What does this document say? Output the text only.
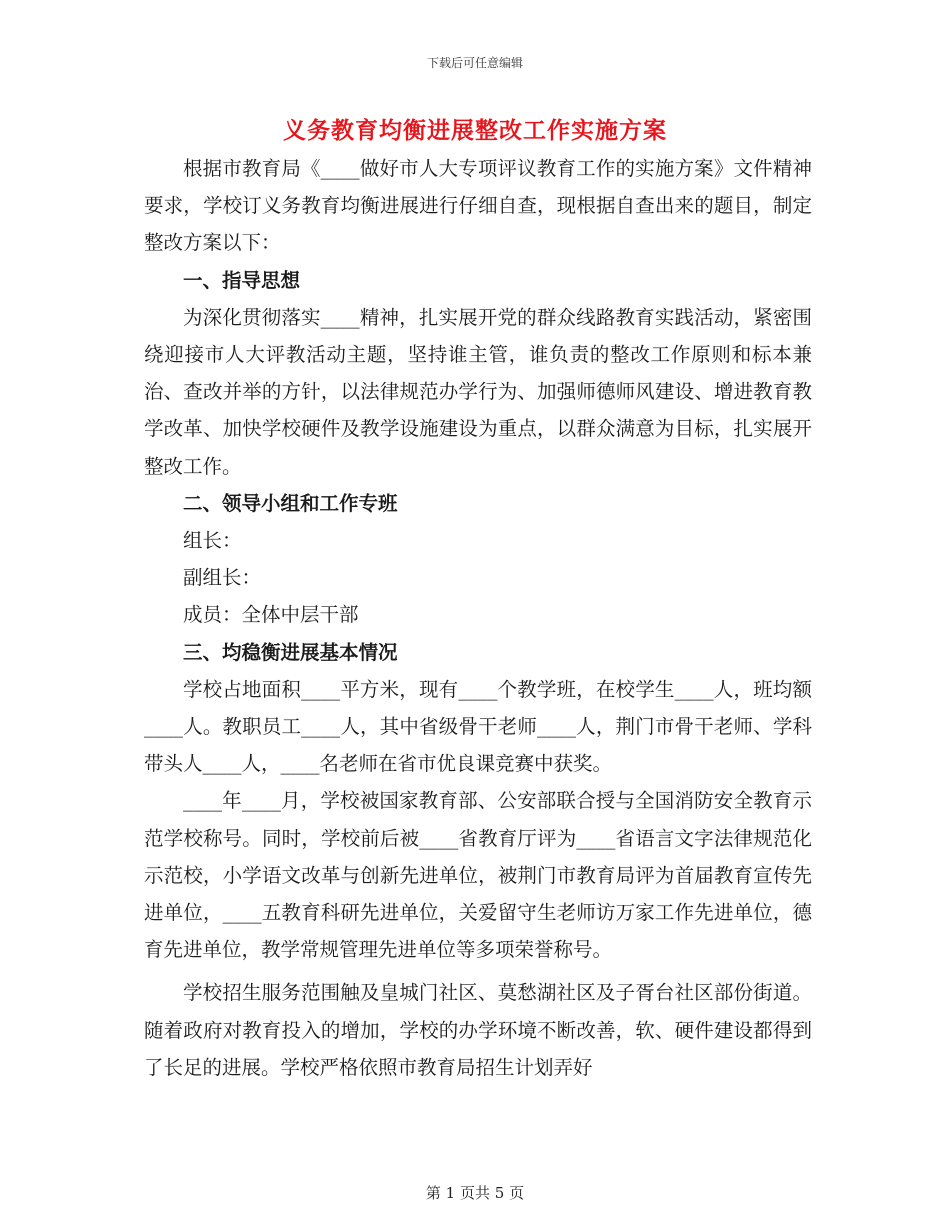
下载后可任意编辑
义务教育均衡进展整改工作实施方案

根据市教育局《____做好市人大专项评议教育工作的实施方案》文件精神要求，学校订义务教育均衡进展进行仔细自查，现根据自查出来的题目，制定整改方案以下：

一、指导思想

为深化贯彻落实____精神，扎实展开党的群众线路教育实践活动，紧密围绕迎接市人大评教活动主题，坚持谁主管，谁负责的整改工作原则和标本兼治、查改并举的方针，以法律规范办学行为、加强师德师风建设、增进教育教学改革、加快学校硬件及教学设施建设为重点，以群众满意为目标，扎实展开整改工作。

二、领导小组和工作专班

组长：

副组长：

成员：全体中层干部

三、均稳衡进展基本情况

学校占地面积____平方米，现有____个教学班，在校学生____人，班均额____人。教职员工____人，其中省级骨干老师____人，荆门市骨干老师、学科带头人____人，____名老师在省市优良课竞赛中获奖。

____年____月，学校被国家教育部、公安部联合授与全国消防安全教育示范学校称号。同时，学校前后被____省教育厅评为____省语言文字法律规范化示范校，小学语文改革与创新先进单位，被荆门市教育局评为首届教育宣传先进单位，____五教育科研先进单位，关爱留守生老师访万家工作先进单位，德育先进单位，教学常规管理先进单位等多项荣誉称号。

学校招生服务范围触及皇城门社区、莫愁湖社区及子胥台社区部份街道。随着政府对教育投入的增加，学校的办学环境不断改善，软、硬件建设都得到了长足的进展。学校严格依照市教育局招生计划弄好

第 1 页共 5 页
